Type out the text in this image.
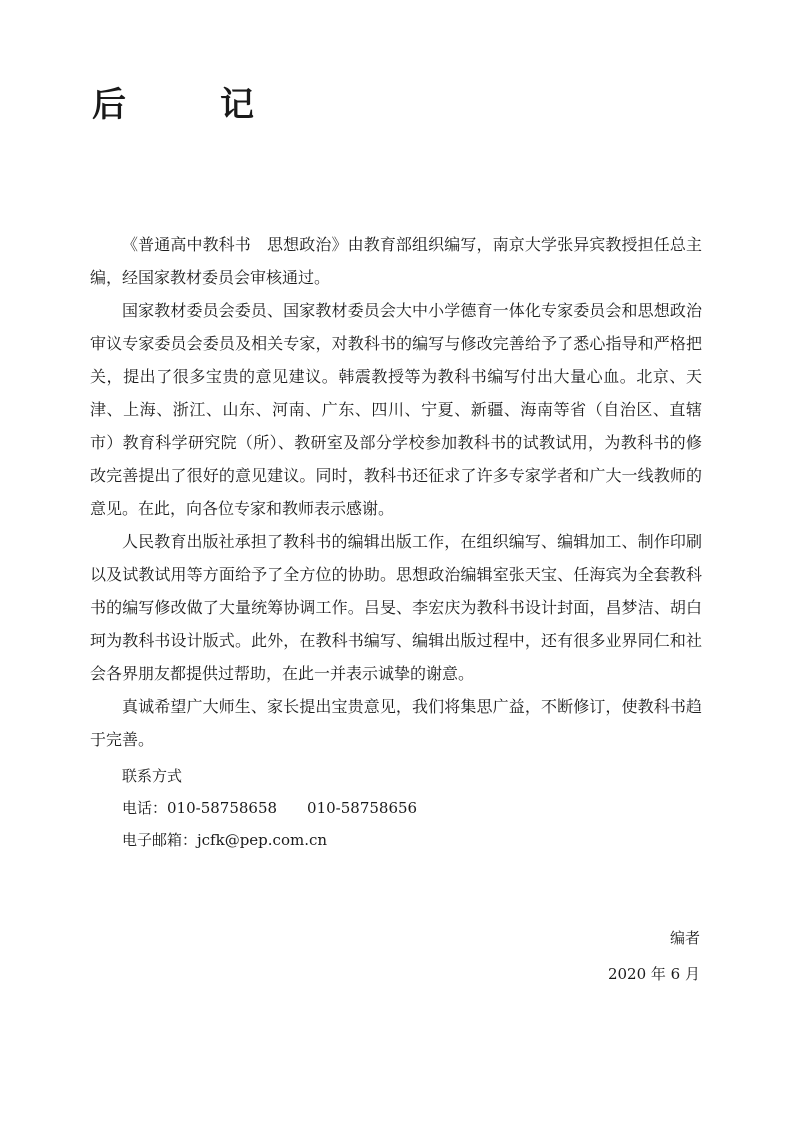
后　记

《普通高中教科书　思想政治》由教育部组织编写，南京大学张异宾教授担任总主编，经国家教材委员会审核通过。

国家教材委员会委员、国家教材委员会大中小学德育一体化专家委员会和思想政治审议专家委员会委员及相关专家，对教科书的编写与修改完善给予了悉心指导和严格把关，提出了很多宝贵的意见建议。韩震教授等为教科书编写付出大量心血。北京、天津、上海、浙江、山东、河南、广东、四川、宁夏、新疆、海南等省（自治区、直辖市）教育科学研究院（所）、教研室及部分学校参加教科书的试教试用，为教科书的修改完善提出了很好的意见建议。同时，教科书还征求了许多专家学者和广大一线教师的意见。在此，向各位专家和教师表示感谢。

人民教育出版社承担了教科书的编辑出版工作，在组织编写、编辑加工、制作印刷以及试教试用等方面给予了全方位的协助。思想政治编辑室张天宝、任海宾为全套教科书的编写修改做了大量统筹协调工作。吕旻、李宏庆为教科书设计封面，昌梦洁、胡白珂为教科书设计版式。此外，在教科书编写、编辑出版过程中，还有很多业界同仁和社会各界朋友都提供过帮助，在此一并表示诚挚的谢意。

真诚希望广大师生、家长提出宝贵意见，我们将集思广益，不断修订，使教科书趋于完善。

联系方式
电话：010-58758658　　010-58758656
电子邮箱：jcfk@pep.com.cn
编者
2020 年 6 月
